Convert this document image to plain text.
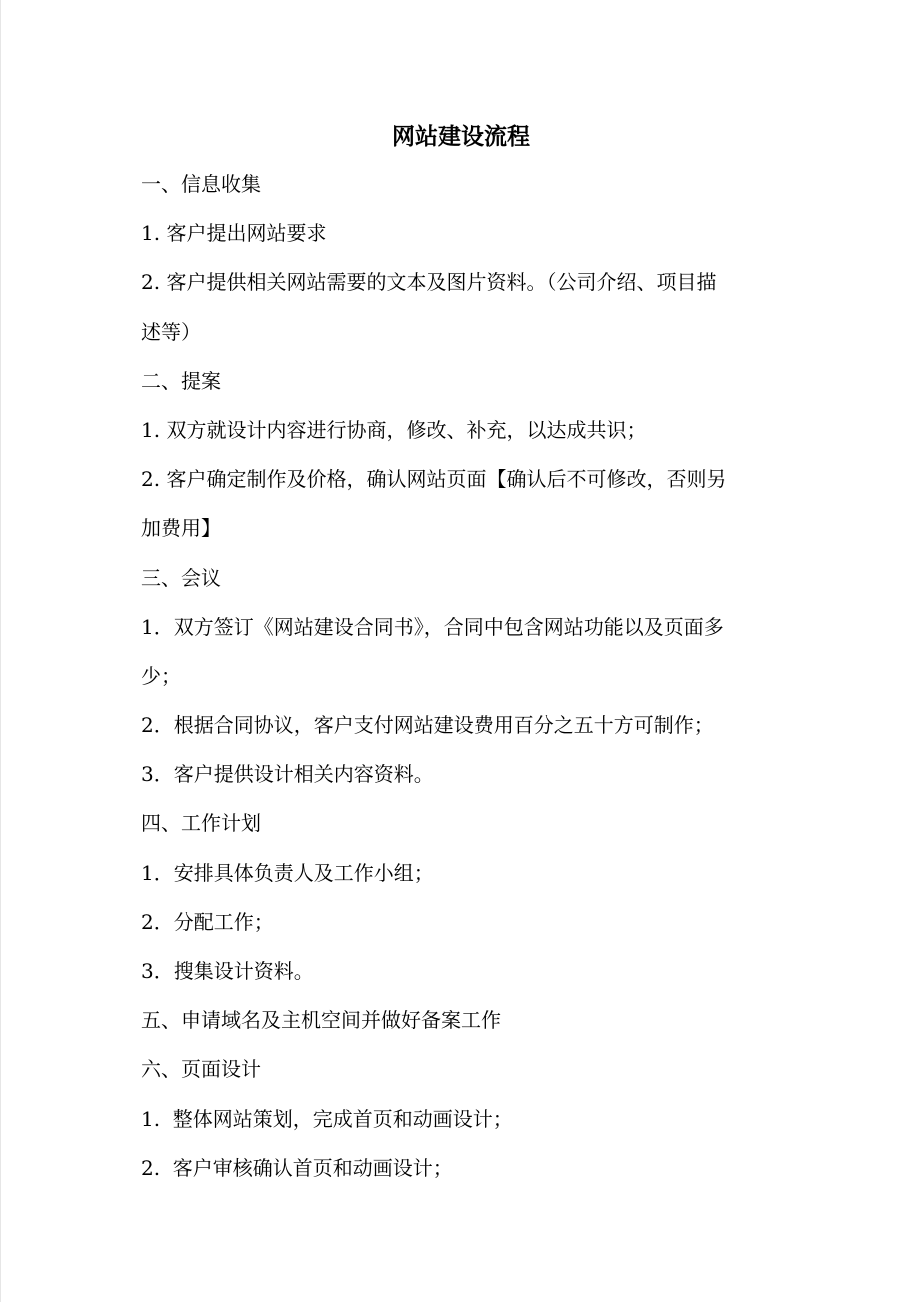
网站建设流程
一、信息收集
1. 客户提出网站要求
2. 客户提供相关网站需要的文本及图片资料。（公司介绍、项目描
述等）
二、提案
1. 双方就设计内容进行协商，修改、补充，以达成共识；
2. 客户确定制作及价格，确认网站页面【确认后不可修改，否则另
加费用】
三、会议
1．双方签订《网站建设合同书》，合同中包含网站功能以及页面多
少；
2．根据合同协议，客户支付网站建设费用百分之五十方可制作；
3．客户提供设计相关内容资料。
四、工作计划
1．安排具体负责人及工作小组；
2．分配工作；
3．搜集设计资料。
五、申请域名及主机空间并做好备案工作
六、页面设计
1.  整体网站策划，完成首页和动画设计；
2.  客户审核确认首页和动画设计；
